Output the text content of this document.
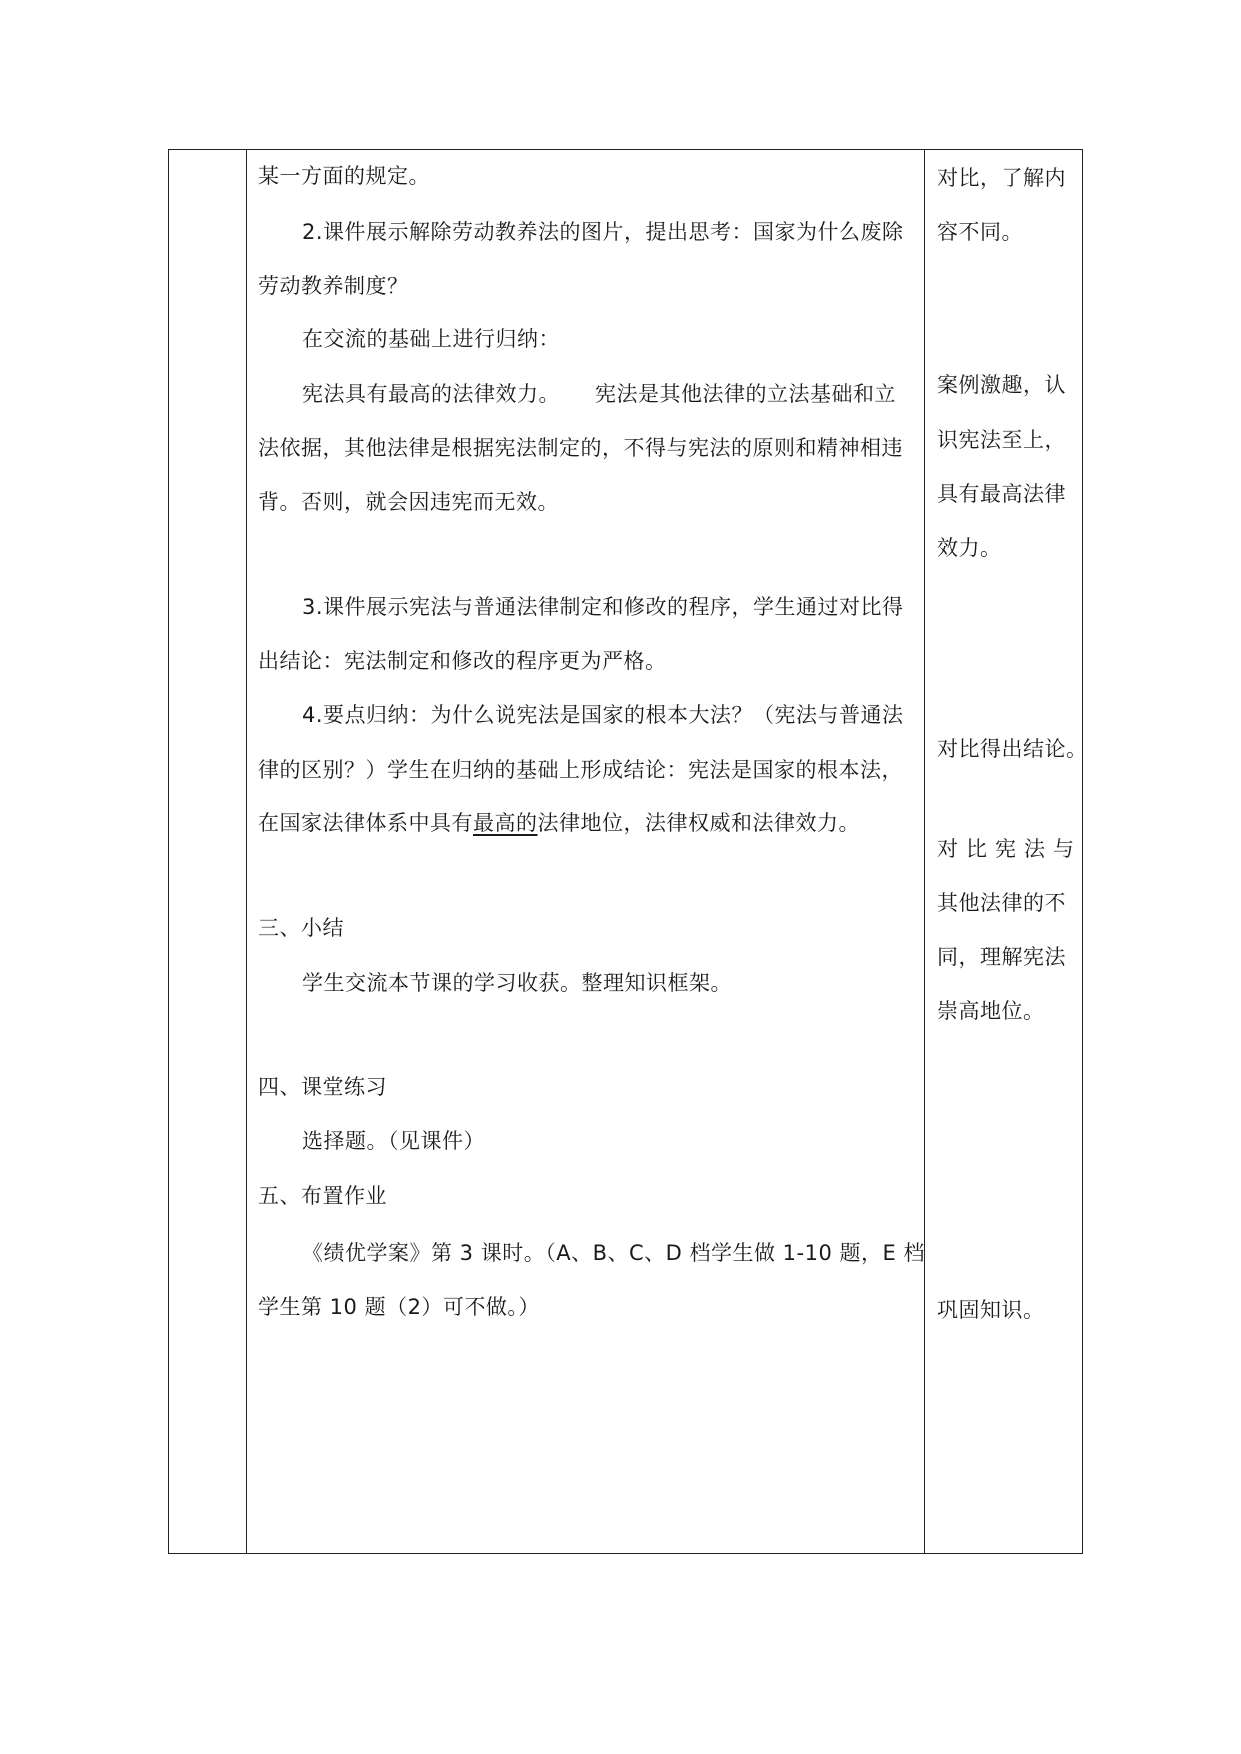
某一方面的规定。
2.课件展示解除劳动教养法的图片，提出思考：国家为什么废除
劳动教养制度？
在交流的基础上进行归纳：
宪法具有最高的法律效力。 宪法是其他法律的立法基础和立
法依据，其他法律是根据宪法制定的，不得与宪法的原则和精神相违
背。否则，就会因违宪而无效。
3.课件展示宪法与普通法律制定和修改的程序，学生通过对比得
出结论：宪法制定和修改的程序更为严格。
4.要点归纳：为什么说宪法是国家的根本大法？（宪法与普通法
律的区别？）学生在归纳的基础上形成结论：宪法是国家的根本法，
在国家法律体系中具有最高的法律地位，法律权威和法律效力。
三、小结
学生交流本节课的学习收获。整理知识框架。
四、课堂练习
选择题。（见课件）
五、布置作业
《绩优学案》第 3 课时。（A、B、C、D 档学生做 1-10 题，E 档
学生第 10 题（2）可不做。）
对比，了解内
容不同。
案例激趣，认
识宪法至上，
具有最高法律
效力。
对比得出结论。
对比宪法与
其他法律的不
同，理解宪法
崇高地位。
巩固知识。
